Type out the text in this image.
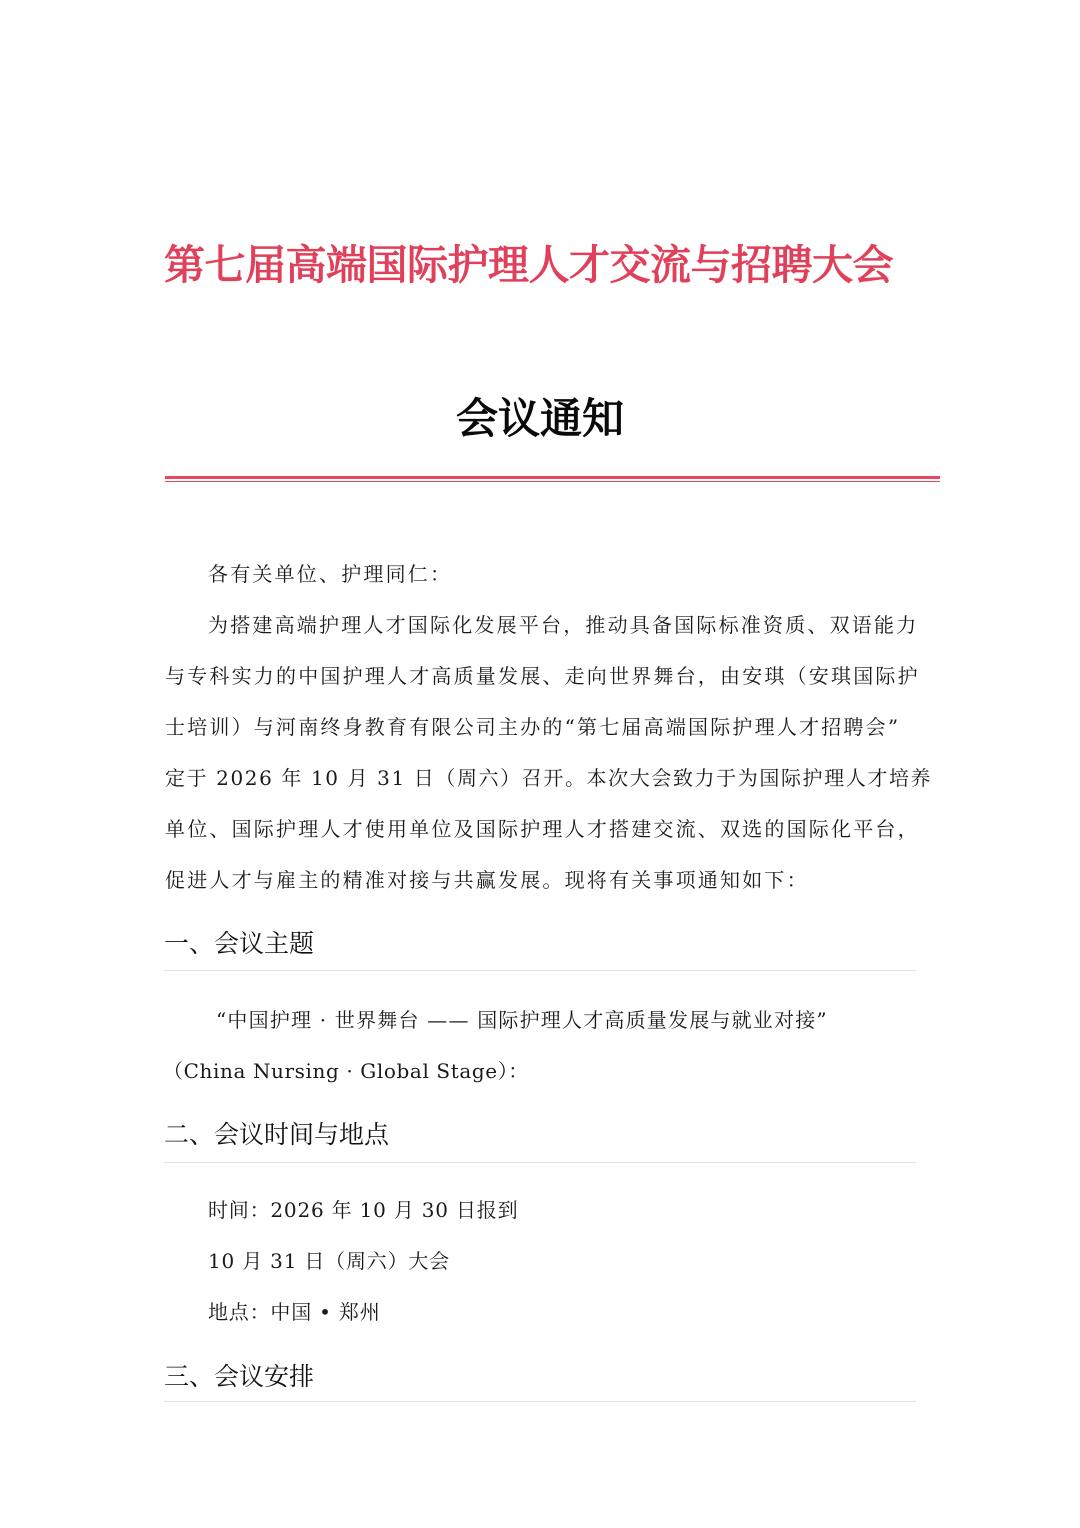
第七届高端国际护理人才交流与招聘大会
会议通知
各有关单位、护理同仁：
为搭建高端护理人才国际化发展平台，推动具备国际标准资质、双语能力
与专科实力的中国护理人才高质量发展、走向世界舞台，由安琪（安琪国际护
士培训）与河南终身教育有限公司主办的“第七届高端国际护理人才招聘会”
定于 2026 年 10 月 31 日（周六）召开。本次大会致力于为国际护理人才培养
单位、国际护理人才使用单位及国际护理人才搭建交流、双选的国际化平台，
促进人才与雇主的精准对接与共赢发展。现将有关事项通知如下：
一、会议主题
“中国护理 · 世界舞台 —— 国际护理人才高质量发展与就业对接”
（China Nursing · Global Stage）：
二、会议时间与地点
时间：2026 年 10 月 30 日报到
10 月 31 日（周六）大会
地点：中国 • 郑州
三、会议安排
